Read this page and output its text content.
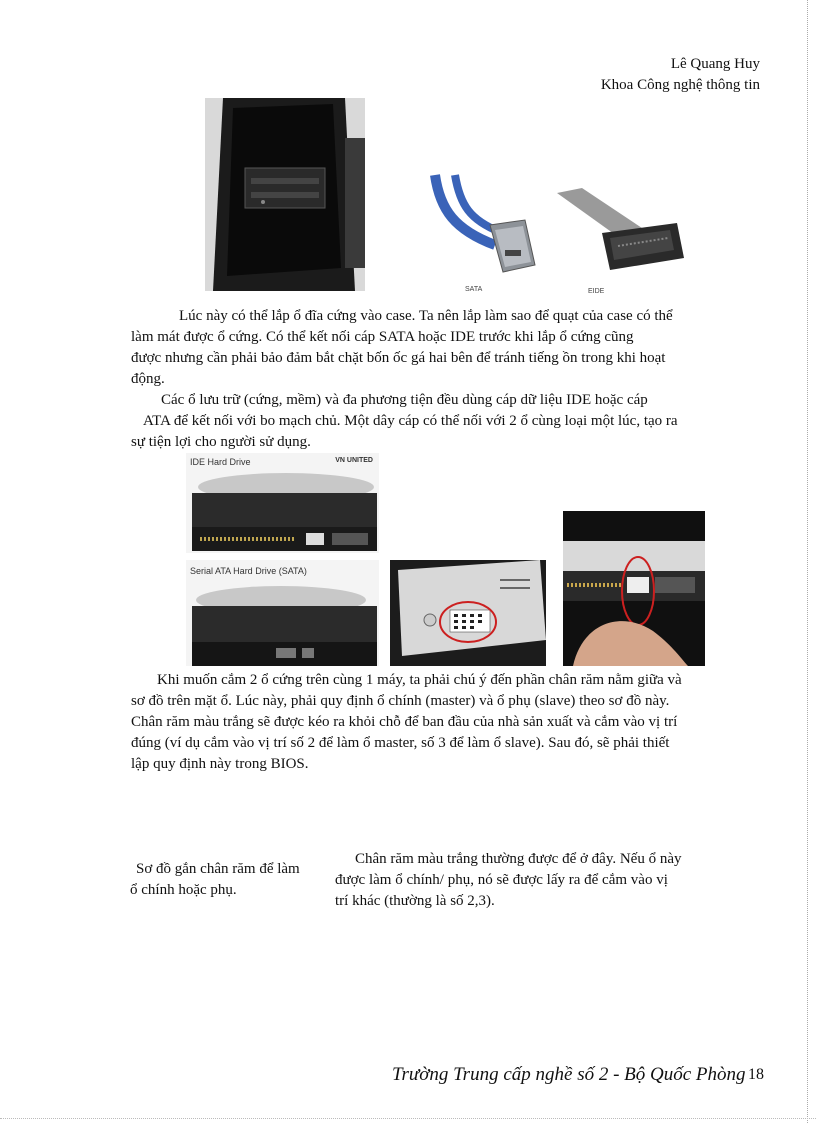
Lê Quang Huy
Khoa Công nghệ thông tin
SATA	EIDE
Lúc này có thể lắp ổ đĩa cứng vào case. Ta nên lắp làm sao để quạt của case có thể
làm mát được ổ cứng. Có thể kết nối cáp SATA hoặc IDE trước khi lắp ổ cứng cũng
được nhưng cần phải bảo đảm bắt chặt bốn ốc gá hai bên để tránh tiếng ồn trong khi hoạt
động.
Các ổ lưu trữ (cứng, mềm) và đa phương tiện đều dùng cáp dữ liệu IDE hoặc cáp
ATA để kết nối với bo mạch chủ. Một dây cáp có thể nối với 2 ổ cùng loại một lúc, tạo ra
sự tiện lợi cho người sử dụng.
IDE Hard Drive	VN UNITED
Serial ATA Hard Drive (SATA)
Khi muốn cắm 2 ổ cứng trên cùng 1 máy, ta phải chú ý đến phần chân răm nằm giữa và
sơ đồ trên mặt ổ. Lúc này, phải quy định ổ chính (master) và ổ phụ (slave) theo sơ đồ này.
Chân răm màu trắng sẽ được kéo ra khỏi chỗ để ban đầu của nhà sản xuất và cắm vào vị trí
đúng (ví dụ cắm vào vị trí số 2 để làm ổ master, số 3 để làm ổ slave). Sau đó, sẽ phải thiết
lập quy định này trong BIOS.
Sơ đồ gắn chân răm để làm
ổ chính hoặc phụ.
Chân răm màu trắng thường được để ở đây. Nếu ổ này
được làm ổ chính/ phụ, nó sẽ được lấy ra để cắm vào vị
trí khác (thường là số 2,3).
Trường Trung cấp nghề số 2 - Bộ Quốc Phòng 18
